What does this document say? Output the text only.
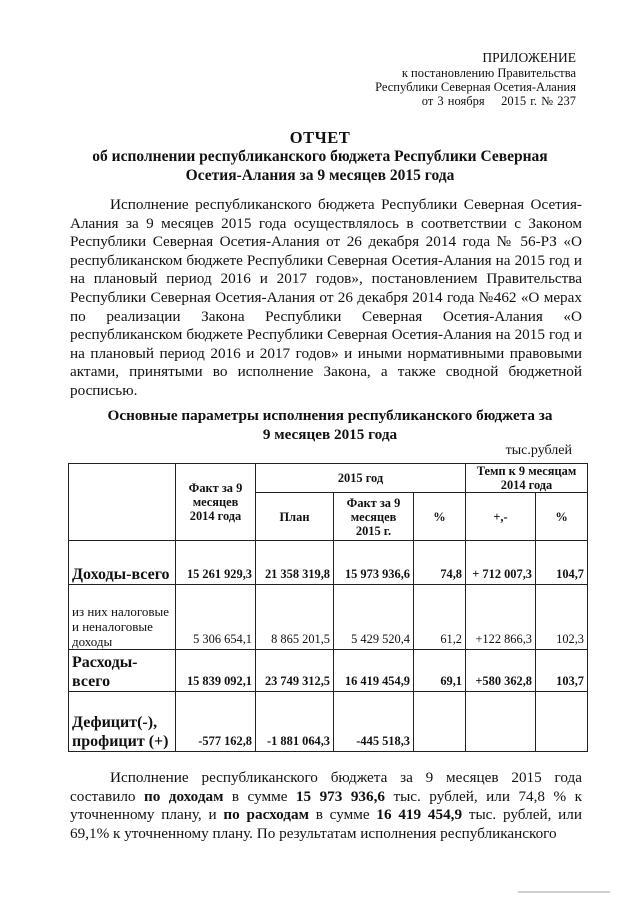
ПРИЛОЖЕНИЕ
к постановлению Правительства
Республики Северная Осетия-Алания
от 3 ноября    2015 г. № 237
ОТЧЕТ
об исполнении республиканского бюджета Республики Северная
Осетия-Алания за 9 месяцев 2015 года

Исполнение республиканского бюджета Республики Северная Осетия-Алания за 9 месяцев 2015 года осуществлялось в соответствии с Законом Республики Северная Осетия-Алания от 26 декабря 2014 года № 56-РЗ «О республиканском бюджете Республики Северная Осетия-Алания на 2015 год и на плановый период 2016 и 2017 годов», постановлением Правительства Республики Северная Осетия-Алания от 26 декабря 2014 года №462 «О мерах по реализации Закона Республики Северная Осетия-Алания «О республиканском бюджете Республики Северная Осетия-Алания на 2015 год и на плановый период 2016 и 2017 годов» и иными нормативными правовыми актами, принятыми во исполнение Закона, а также сводной бюджетной росписью.

Основные параметры исполнения республиканского бюджета за
9 месяцев 2015 года
тыс.рублей
	Факт за 9 месяцев 2014 года	2015 год			Темп к 9 месяцам 2014 года	
		План	Факт за 9 месяцев 2015 г.	%	+,-	%
Доходы-всего	15 261 929,3	21 358 319,8	15 973 936,6	74,8	+ 712 007,3	104,7
из них налоговые и неналоговые доходы	5 306 654,1	8 865 201,5	5 429 520,4	61,2	+122 866,3	102,3
Расходы-всего	15 839 092,1	23 749 312,5	16 419 454,9	69,1	+580 362,8	103,7
Дефицит(-), профицит (+)	-577 162,8	-1 881 064,3	-445 518,3			

Исполнение республиканского бюджета за 9 месяцев 2015 года составило по доходам в сумме 15 973 936,6 тыс. рублей, или 74,8 % к уточненному плану, и по расходам в сумме 16 419 454,9 тыс. рублей, или 69,1% к уточненному плану. По результатам исполнения республиканского
